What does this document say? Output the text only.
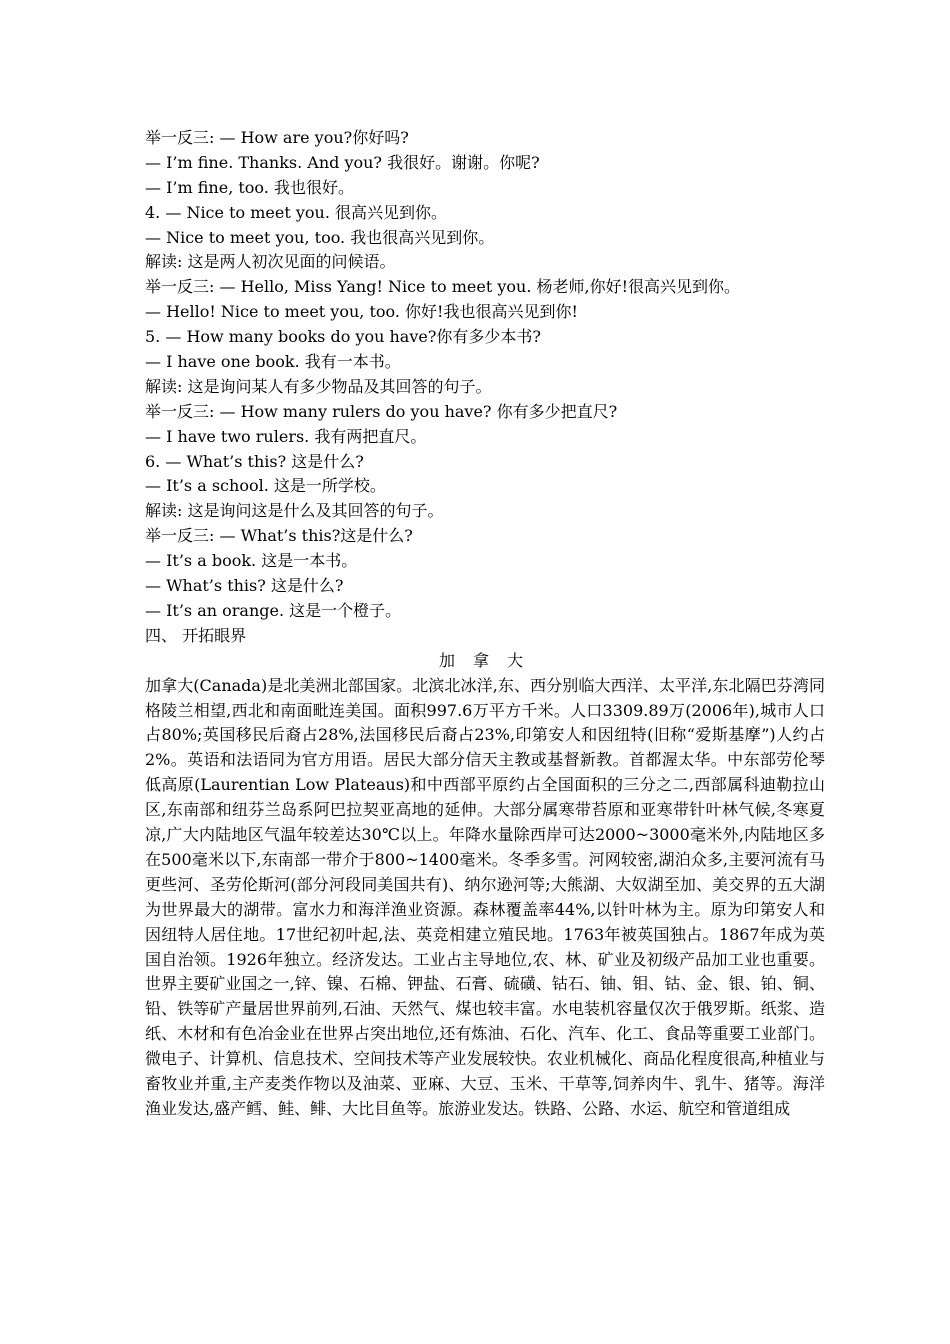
举一反三: — How are you?你好吗?
— I’m fine. Thanks. And you? 我很好。谢谢。你呢?
— I’m fine, too. 我也很好。
4. — Nice to meet you. 很高兴见到你。
— Nice to meet you, too. 我也很高兴见到你。
解读: 这是两人初次见面的问候语。
举一反三: — Hello, Miss Yang! Nice to meet you. 杨老师,你好!很高兴见到你。
— Hello! Nice to meet you, too. 你好!我也很高兴见到你!
5. — How many books do you have?你有多少本书?
— I have one book. 我有一本书。
解读: 这是询问某人有多少物品及其回答的句子。
举一反三: — How many rulers do you have? 你有多少把直尺?
— I have two rulers. 我有两把直尺。
6. — What’s this? 这是什么?
— It’s a school. 这是一所学校。
解读: 这是询问这是什么及其回答的句子。
举一反三: — What’s this?这是什么?
— It’s a book. 这是一本书。
— What’s this? 这是什么?
— It’s an orange. 这是一个橙子。
四、 开拓眼界
加拿大

加拿大(Canada)是北美洲北部国家。北滨北冰洋,东、西分别临大西洋、太平洋,东北隔巴芬湾同格陵兰相望,西北和南面毗连美国。面积997.6万平方千米。人口3309.89万(2006年),城市人口占80%;英国移民后裔占28%,法国移民后裔占23%,印第安人和因纽特(旧称“爱斯基摩”)人约占2%。英语和法语同为官方用语。居民大部分信天主教或基督新教。首都渥太华。中东部劳伦琴低高原(Laurentian Low Plateaus)和中西部平原约占全国面积的三分之二,西部属科迪勒拉山区,东南部和纽芬兰岛系阿巴拉契亚高地的延伸。大部分属寒带苔原和亚寒带针叶林气候,冬寒夏凉,广大内陆地区气温年较差达30℃以上。年降水量除西岸可达2000~3000毫米外,内陆地区多在500毫米以下,东南部一带介于800~1400毫米。冬季多雪。河网较密,湖泊众多,主要河流有马更些河、圣劳伦斯河(部分河段同美国共有)、纳尔逊河等;大熊湖、大奴湖至加、美交界的五大湖为世界最大的湖带。富水力和海洋渔业资源。森林覆盖率44%,以针叶林为主。原为印第安人和因纽特人居住地。17世纪初叶起,法、英竞相建立殖民地。1763年被英国独占。1867年成为英国自治领。1926年独立。经济发达。工业占主导地位,农、林、矿业及初级产品加工业也重要。世界主要矿业国之一,锌、镍、石棉、钾盐、石膏、硫磺、钴石、铀、钼、钴、金、银、铂、铜、铅、铁等矿产量居世界前列,石油、天然气、煤也较丰富。水电装机容量仅次于俄罗斯。纸浆、造纸、木材和有色冶金业在世界占突出地位,还有炼油、石化、汽车、化工、食品等重要工业部门。微电子、计算机、信息技术、空间技术等产业发展较快。农业机械化、商品化程度很高,种植业与畜牧业并重,主产麦类作物以及油菜、亚麻、大豆、玉米、干草等,饲养肉牛、乳牛、猪等。海洋渔业发达,盛产鳕、鲑、鲱、大比目鱼等。旅游业发达。铁路、公路、水运、航空和管道组成
